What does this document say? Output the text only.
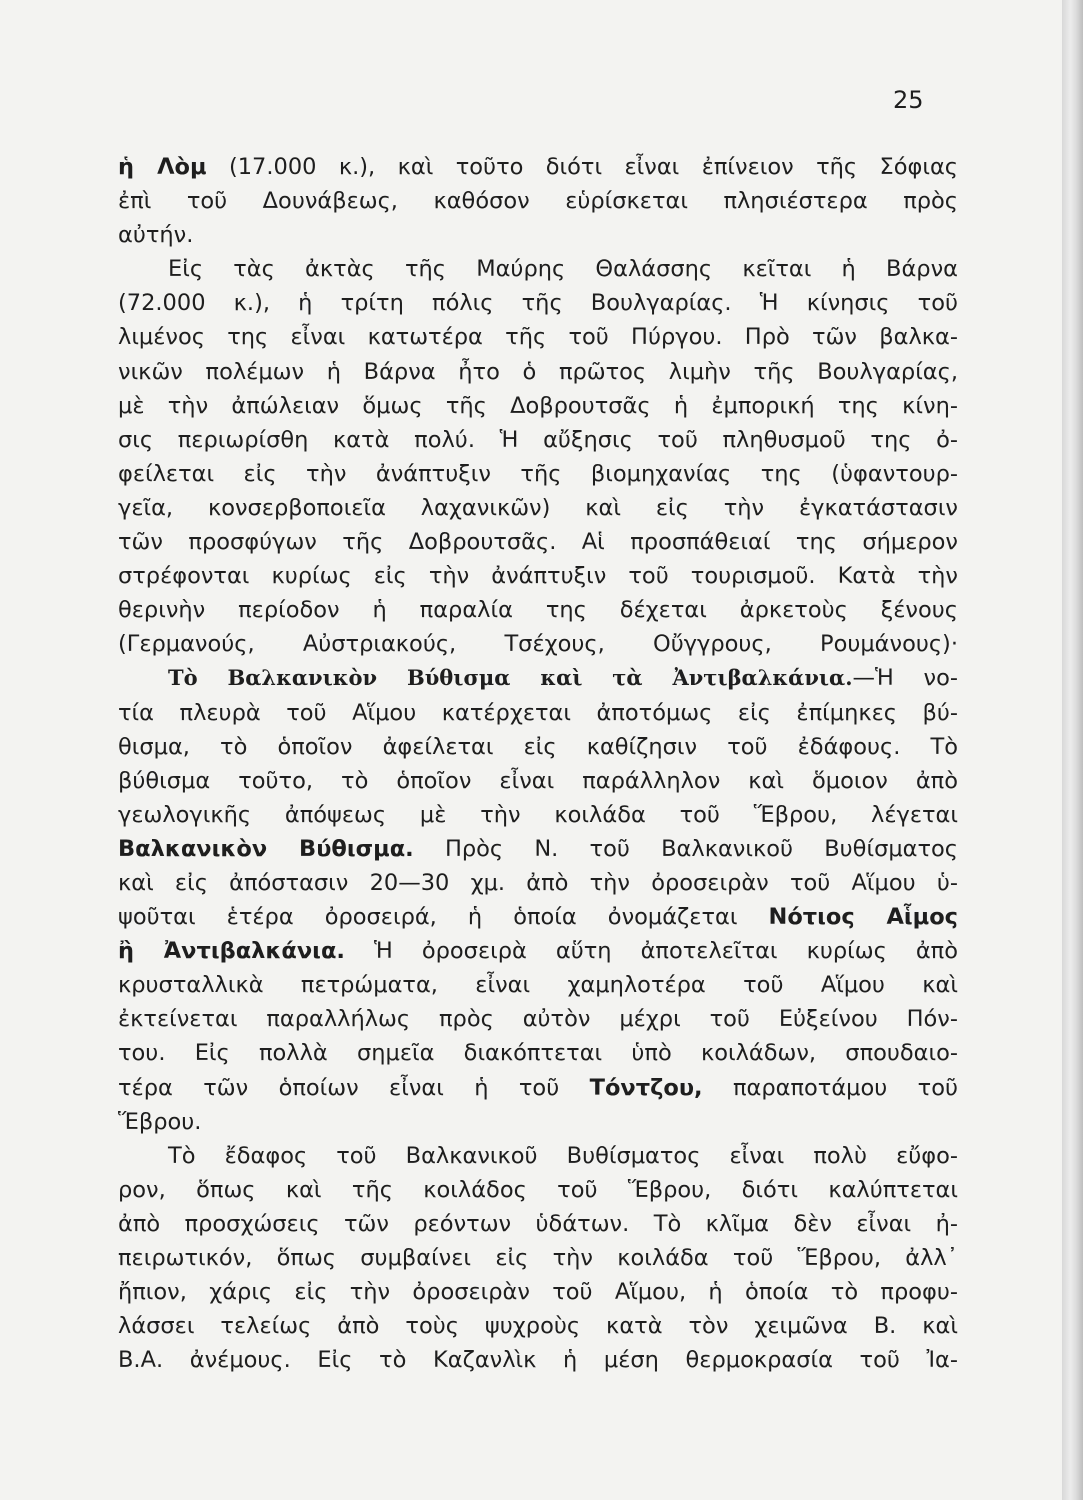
25
ἡ Λὸμ (17.000 κ.), καὶ τοῦτο διότι εἶναι ἐπίνειον τῆς Σόφιας
ἐπὶ τοῦ Δουνάβεως, καθόσον εὑρίσκεται πλησιέστερα πρὸς
αὐτήν.
Εἰς τὰς ἀκτὰς τῆς Μαύρης Θαλάσσης κεῖται ἡ Βάρνα
(72.000 κ.), ἡ τρίτη πόλις τῆς Βουλγαρίας. Ἡ κίνησις τοῦ
λιμένος της εἶναι κατωτέρα τῆς τοῦ Πύργου. Πρὸ τῶν βαλκα-
νικῶν πολέμων ἡ Βάρνα ἦτο ὁ πρῶτος λιμὴν τῆς Βουλγαρίας,
μὲ τὴν ἀπώλειαν ὅμως τῆς Δοβρουτσᾶς ἡ ἐμπορική της κίνη-
σις περιωρίσθη κατὰ πολύ. Ἡ αὔξησις τοῦ πληθυσμοῦ της ὀ-
φείλεται εἰς τὴν ἀνάπτυξιν τῆς βιομηχανίας της (ὑφαντουρ-
γεῖα, κονσερβοποιεῖα λαχανικῶν) καὶ εἰς τὴν ἐγκατάστασιν
τῶν προσφύγων τῆς Δοβρουτσᾶς. Αἱ προσπάθειαί της σήμερον
στρέφονται κυρίως εἰς τὴν ἀνάπτυξιν τοῦ τουρισμοῦ. Κατὰ τὴν
θερινὴν περίοδον ἡ παραλία της δέχεται ἀρκετοὺς ξένους
(Γερμανούς, Αὐστριακούς, Τσέχους, Οὔγγρους, Ρουμάνους)·
Τὸ Βαλκανικὸν Βύθισμα καὶ τὰ Ἀντιβαλκάνια.—Ἡ νο-
τία πλευρὰ τοῦ Αἵμου κατέρχεται ἀποτόμως εἰς ἐπίμηκες βύ-
θισμα, τὸ ὁποῖον ἀφείλεται εἰς καθίζησιν τοῦ ἐδάφους. Τὸ
βύθισμα τοῦτο, τὸ ὁποῖον εἶναι παράλληλον καὶ ὅμοιον ἀπὸ
γεωλογικῆς ἀπόψεως μὲ τὴν κοιλάδα τοῦ Ἕβρου, λέγεται
Βαλκανικὸν Βύθισμα. Πρὸς Ν. τοῦ Βαλκανικοῦ Βυθίσματος
καὶ εἰς ἀπόστασιν 20—30 χμ. ἀπὸ τὴν ὀροσειρὰν τοῦ Αἵμου ὑ-
ψοῦται ἑτέρα ὀροσειρά, ἡ ὁποία ὀνομάζεται Νότιος Αἷμος
ἢ Ἀντιβαλκάνια. Ἡ ὀροσειρὰ αὕτη ἀποτελεῖται κυρίως ἀπὸ
κρυσταλλικὰ πετρώματα, εἶναι χαμηλοτέρα τοῦ Αἵμου καὶ
ἐκτείνεται παραλλήλως πρὸς αὐτὸν μέχρι τοῦ Εὐξείνου Πόν-
του. Εἰς πολλὰ σημεῖα διακόπτεται ὑπὸ κοιλάδων, σπουδαιο-
τέρα τῶν ὁποίων εἶναι ἡ τοῦ Τόντζου, παραποτάμου τοῦ
Ἕβρου.
Τὸ ἔδαφος τοῦ Βαλκανικοῦ Βυθίσματος εἶναι πολὺ εὔφο-
ρον, ὅπως καὶ τῆς κοιλάδος τοῦ Ἕβρου, διότι καλύπτεται
ἀπὸ προσχώσεις τῶν ρεόντων ὑδάτων. Τὸ κλῖμα δὲν εἶναι ἠ-
πειρωτικόν, ὅπως συμβαίνει εἰς τὴν κοιλάδα τοῦ Ἕβρου, ἀλλ᾽
ἤπιον, χάρις εἰς τὴν ὀροσειρὰν τοῦ Αἵμου, ἡ ὁποία τὸ προφυ-
λάσσει τελείως ἀπὸ τοὺς ψυχροὺς κατὰ τὸν χειμῶνα Β. καὶ
Β.Α. ἀνέμους. Εἰς τὸ Καζανλὶκ ἡ μέση θερμοκρασία τοῦ Ἰα-
